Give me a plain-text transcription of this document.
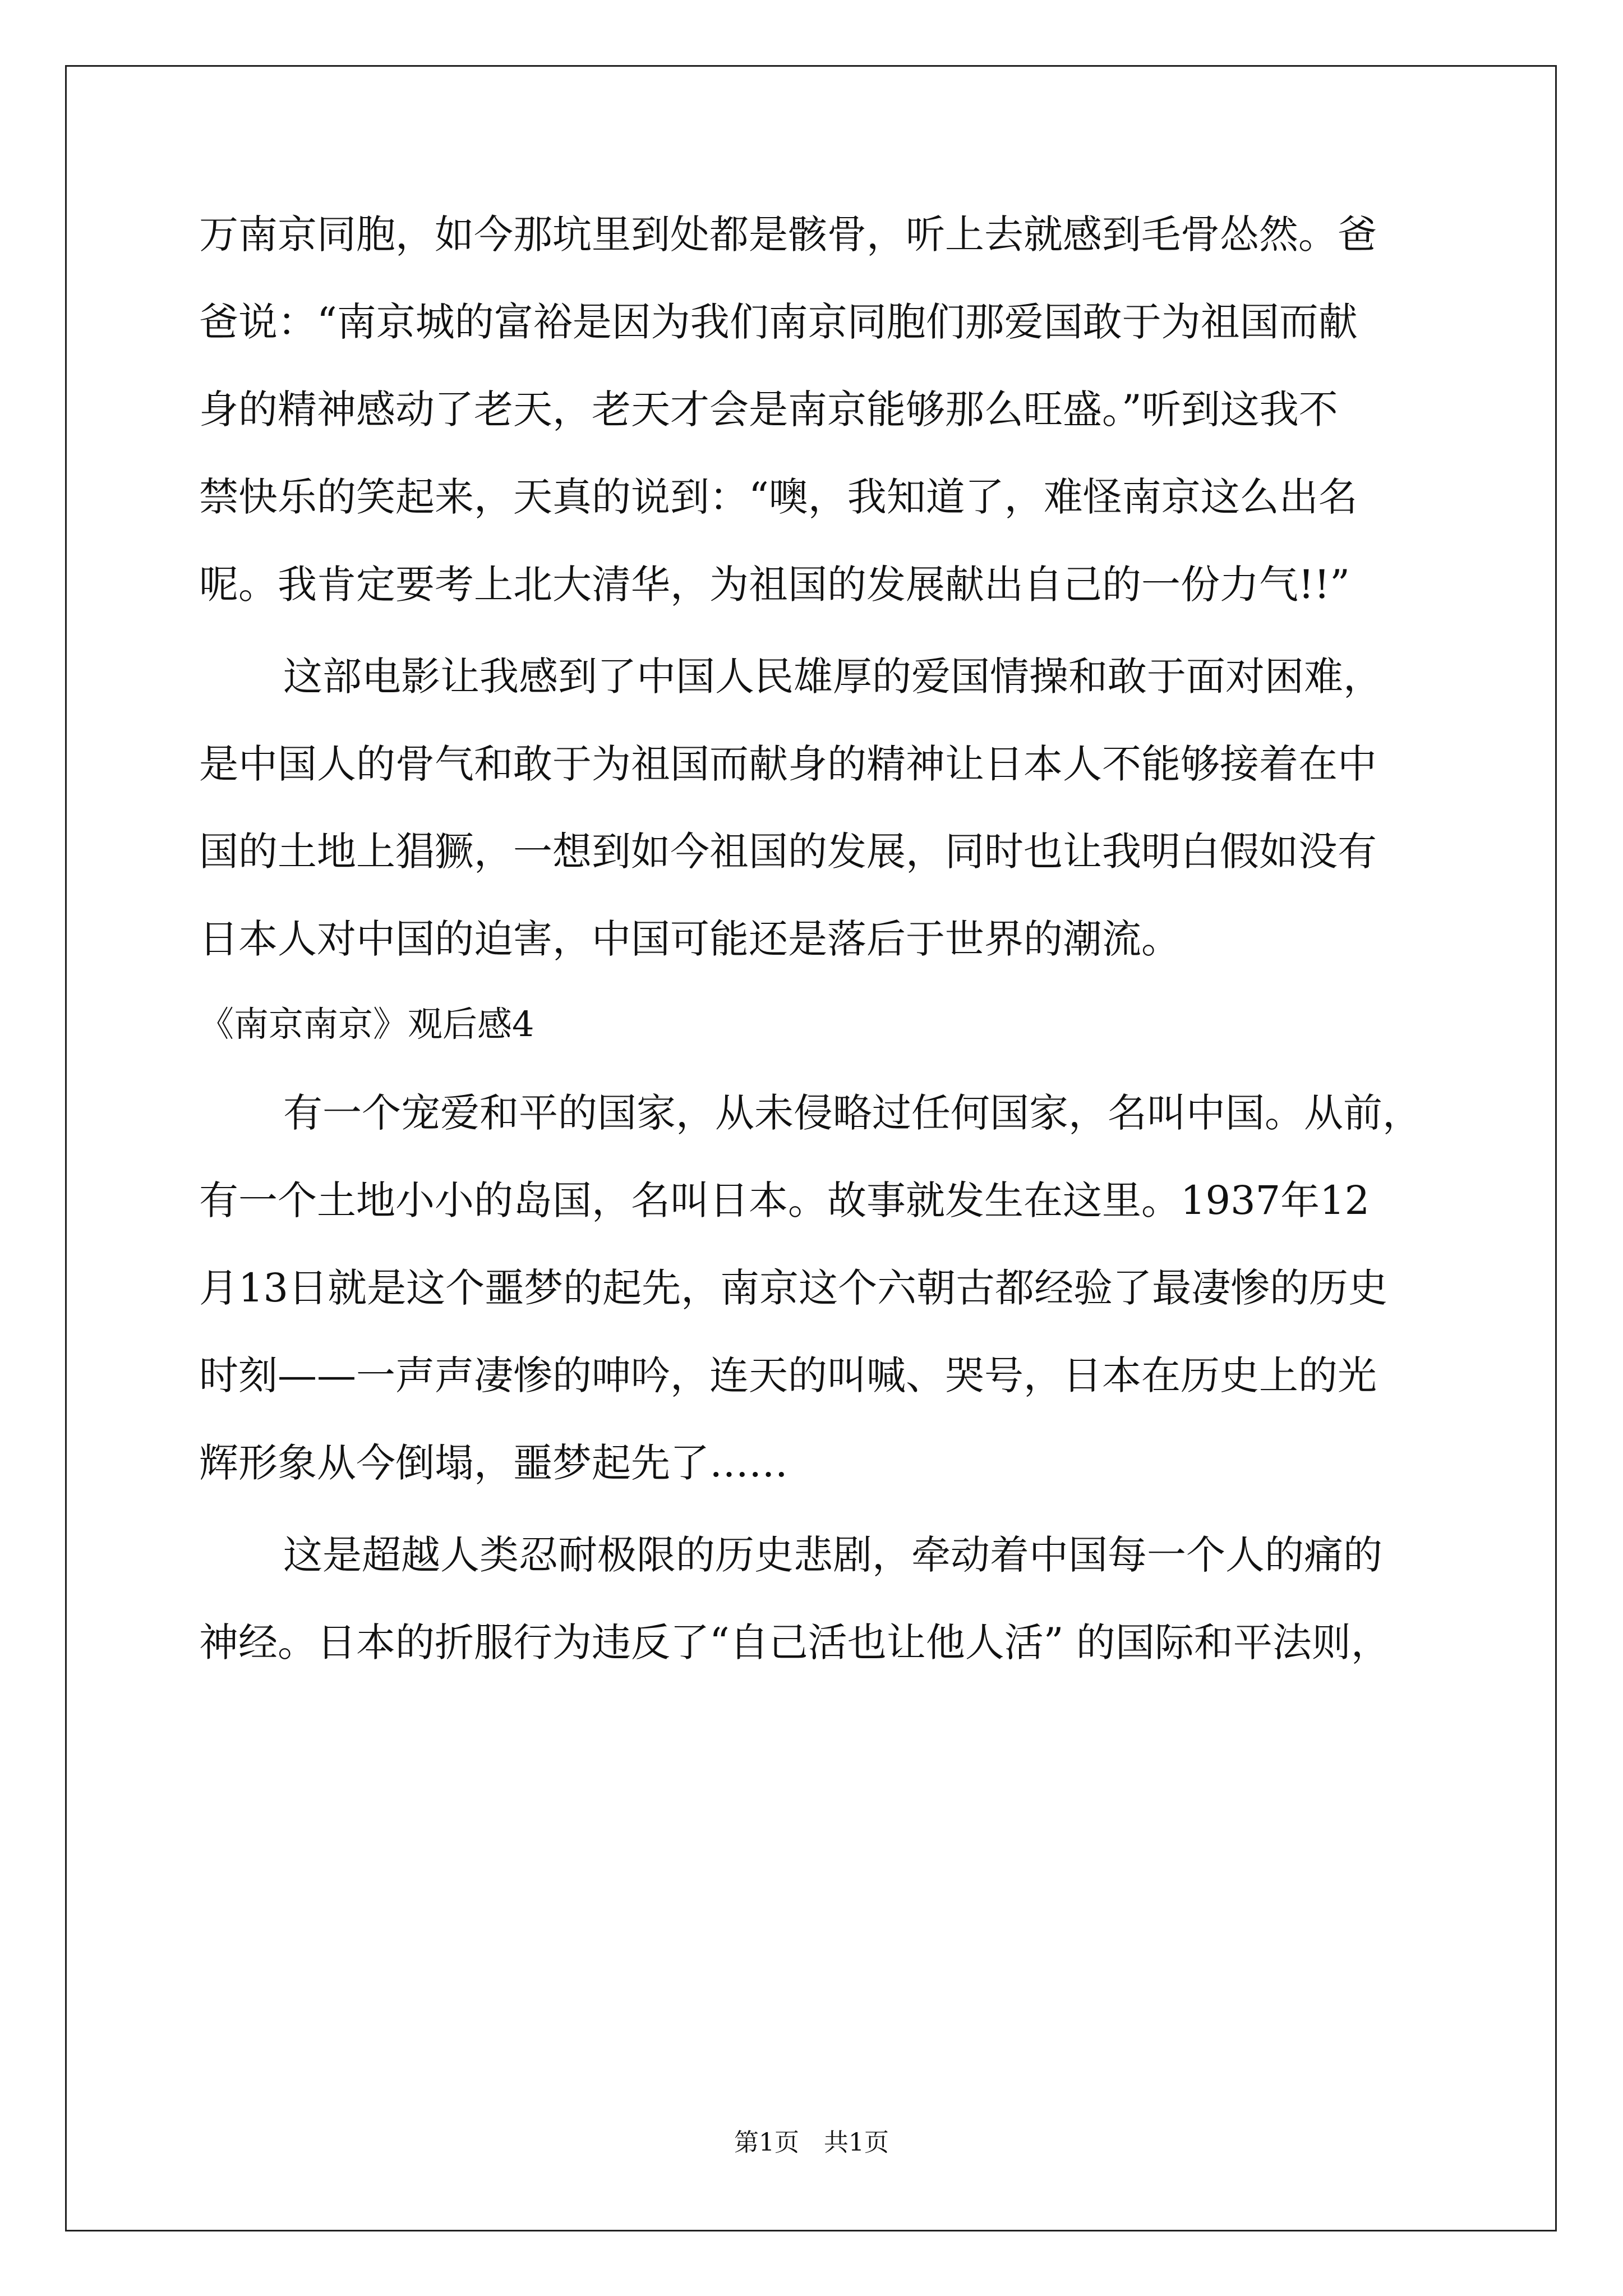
万南京同胞，如今那坑里到处都是骸骨，听上去就感到毛骨怂然。爸
爸说：“南京城的富裕是因为我们南京同胞们那爱国敢于为祖国而献
身的精神感动了老天，老天才会是南京能够那么旺盛。”听到这我不
禁快乐的笑起来，天真的说到：“噢，我知道了，难怪南京这么出名
呢。我肯定要考上北大清华，为祖国的发展献出自己的一份力气!!”
这部电影让我感到了中国人民雄厚的爱国情操和敢于面对困难，
是中国人的骨气和敢于为祖国而献身的精神让日本人不能够接着在中
国的土地上猖獗，一想到如今祖国的发展，同时也让我明白假如没有
日本人对中国的迫害，中国可能还是落后于世界的潮流。
《南京南京》观后感4
有一个宠爱和平的国家，从未侵略过任何国家，名叫中国。从前，
有一个土地小小的岛国，名叫日本。故事就发生在这里。1937年12
月13日就是这个噩梦的起先，南京这个六朝古都经验了最凄惨的历史
时刻——一声声凄惨的呻吟，连天的叫喊、哭号，日本在历史上的光
辉形象从今倒塌，噩梦起先了……
这是超越人类忍耐极限的历史悲剧，牵动着中国每一个人的痛的
神经。日本的折服行为违反了“自己活也让他人活” 的国际和平法则，
第1页　共1页
